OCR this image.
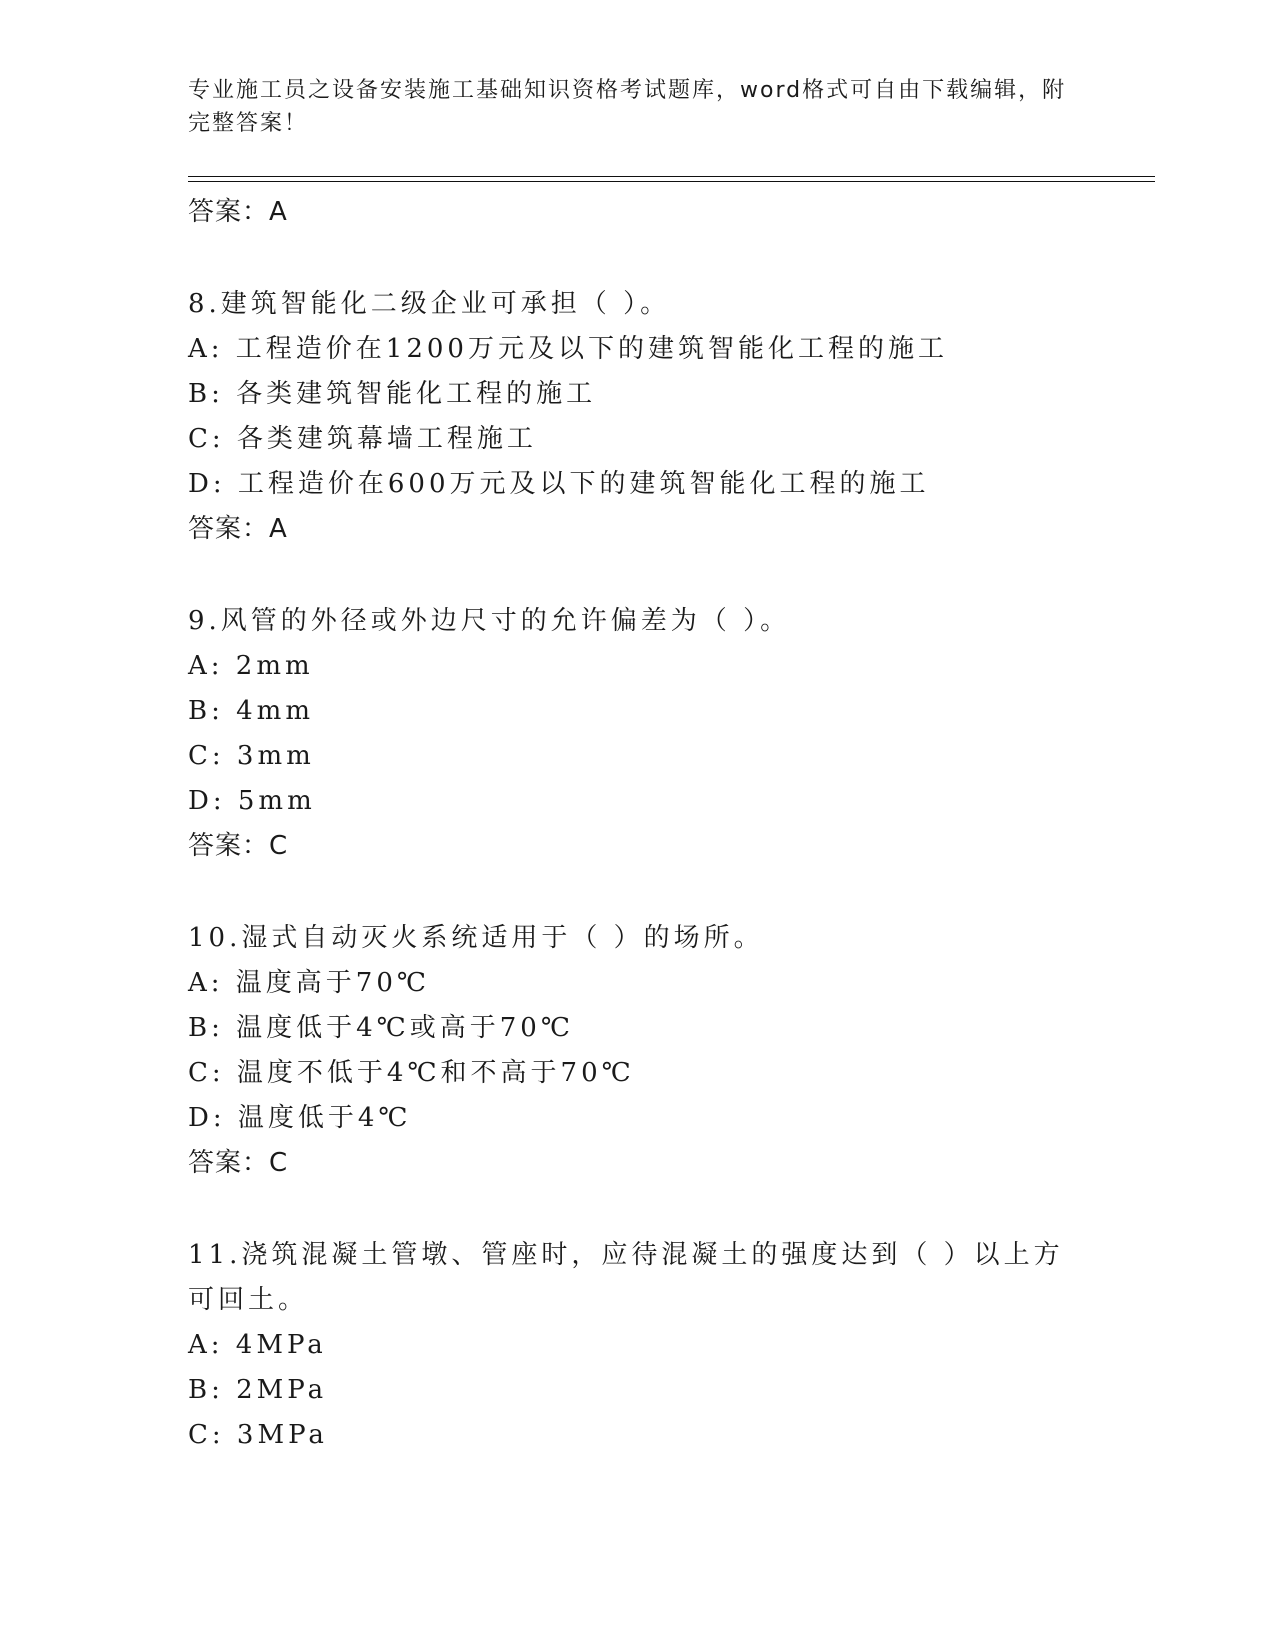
专业施工员之设备安装施工基础知识资格考试题库，word格式可自由下载编辑，附完整答案！
答案：A
8.建筑智能化二级企业可承担（ ）。
A: 工程造价在1200万元及以下的建筑智能化工程的施工
B: 各类建筑智能化工程的施工
C: 各类建筑幕墙工程施工
D: 工程造价在600万元及以下的建筑智能化工程的施工
答案：A
9.风管的外径或外边尺寸的允许偏差为（ ）。
A: 2mm
B: 4mm
C: 3mm
D: 5mm
答案：C
10.湿式自动灭火系统适用于（ ）的场所。
A: 温度高于70℃
B: 温度低于4℃或高于70℃
C: 温度不低于4℃和不高于70℃
D: 温度低于4℃
答案：C
11.浇筑混凝土管墩、管座时，应待混凝土的强度达到（ ）以上方可回土。
A: 4MPa
B: 2MPa
C: 3MPa
